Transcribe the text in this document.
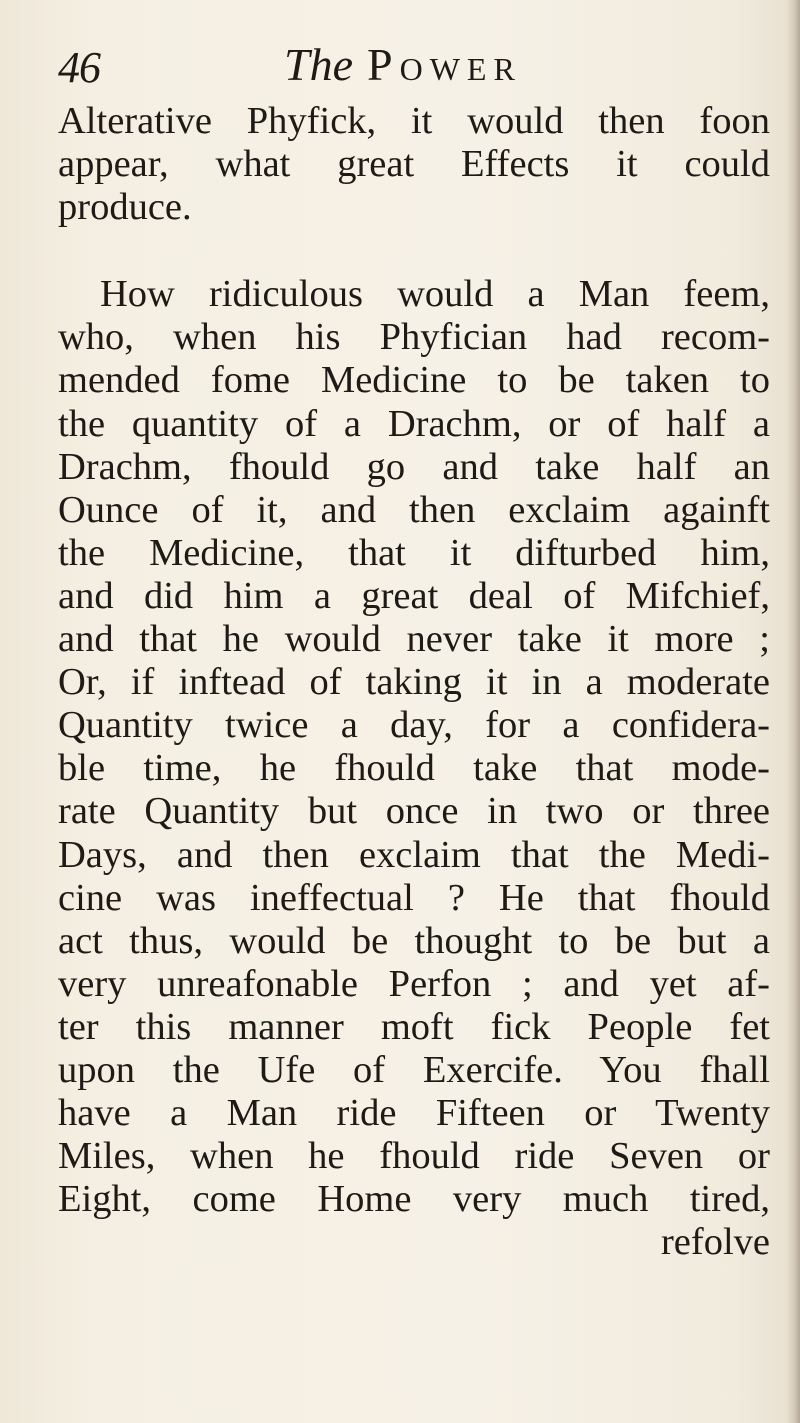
46	The Power
Alterative Phyfick, it would then foon
appear, what great Effects it could
produce.
How ridiculous would a Man feem,
who, when his Phyfician had recom-
mended fome Medicine to be taken to
the quantity of a Drachm, or of half a
Drachm, fhould go and take half an
Ounce of it, and then exclaim againft
the Medicine, that it difturbed him,
and did him a great deal of Mifchief,
and that he would never take it more ;
Or, if inftead of taking it in a moderate
Quantity twice a day, for a confidera-
ble time, he fhould take that mode-
rate Quantity but once in two or three
Days, and then exclaim that the Medi-
cine was ineffectual ? He that fhould
act thus, would be thought to be but a
very unreafonable Perfon ; and yet af-
ter this manner moft fick People fet
upon the Ufe of Exercife. You fhall
have a Man ride Fifteen or Twenty
Miles, when he fhould ride Seven or
Eight, come Home very much tired,
refolve
